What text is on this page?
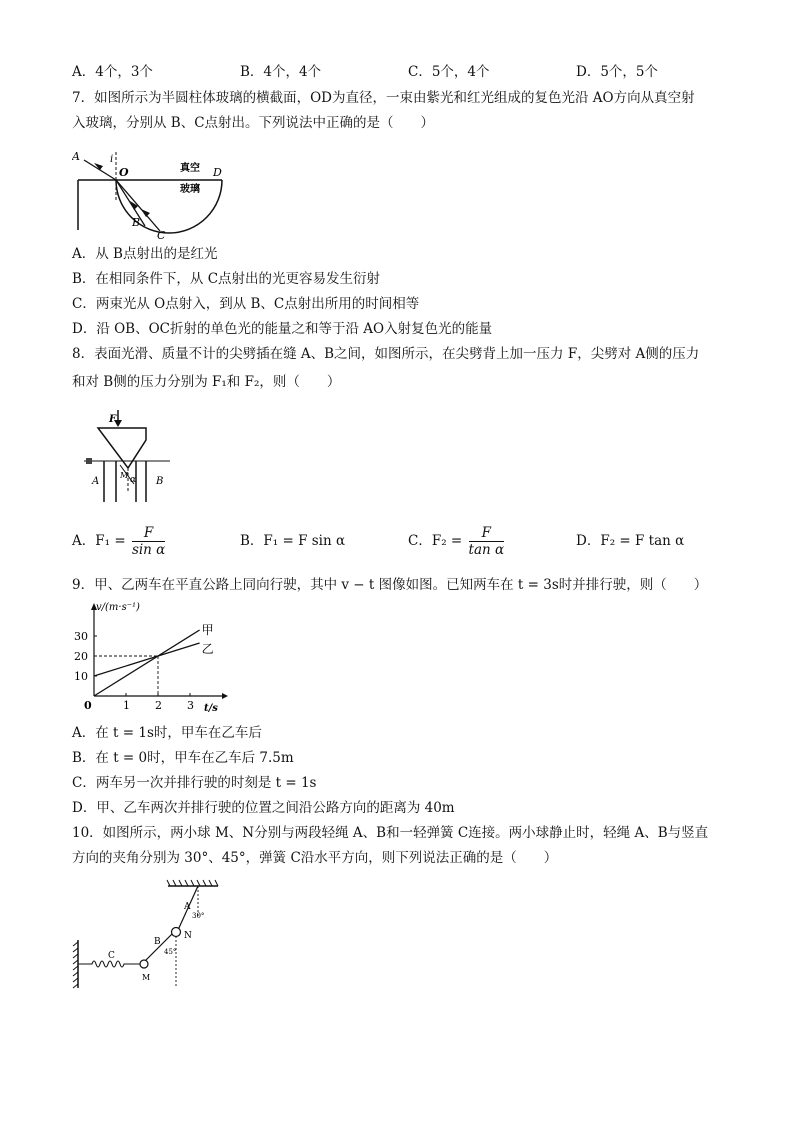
A．4个，3个	B．4个，4个	C．5个，4个	D．5个，5个
7．如图所示为半圆柱体玻璃的横截面，OD为直径，一束由紫光和红光组成的复色光沿 AO方向从真空射
入玻璃，分别从 B、C点射出。下列说法中正确的是（　　）
A	i
O	D
真空
玻璃
B
C
A．从 B点射出的是红光
B．在相同条件下，从 C点射出的光更容易发生衍射
C．两束光从 O点射入，到从 B、C点射出所用的时间相等
D．沿 OB、OC折射的单色光的能量之和等于沿 AO入射复色光的能量
8．表面光滑、质量不计的尖劈插在缝 A、B之间，如图所示，在尖劈背上加一压力 F，尖劈对 A侧的压力
和对 B侧的压力分别为 F₁和 F₂，则（　　）
F
α
M
A	B
A．$F_1 = \frac{F}{\text{sin α}}$	B．F₁ = F sin α	C．$F_2 = \frac{F}{\text{tan α}}$	D．F₂ = F tan α
9．甲、乙两车在平直公路上同向行驶，其中 v − t 图像如图。已知两车在 t = 3s时并排行驶，则（　　）
10
20
30
0	1 2 3
甲
乙
v/(m·s⁻¹)
t/s
A．在 t = 1s时，甲车在乙车后
B．在 t = 0时，甲车在乙车后 7.5m
C．两车另一次并排行驶的时刻是 t = 1s
D．甲、乙车两次并排行驶的位置之间沿公路方向的距离为 40m
10．如图所示，两小球 M、N分别与两段轻绳 A、B和一轻弹簧 C连接。两小球静止时，轻绳 A、B与竖直
方向的夹角分别为 30°、45°，弹簧 C沿水平方向，则下列说法正确的是（　　）
C
A
30°
N
B
45°
M
